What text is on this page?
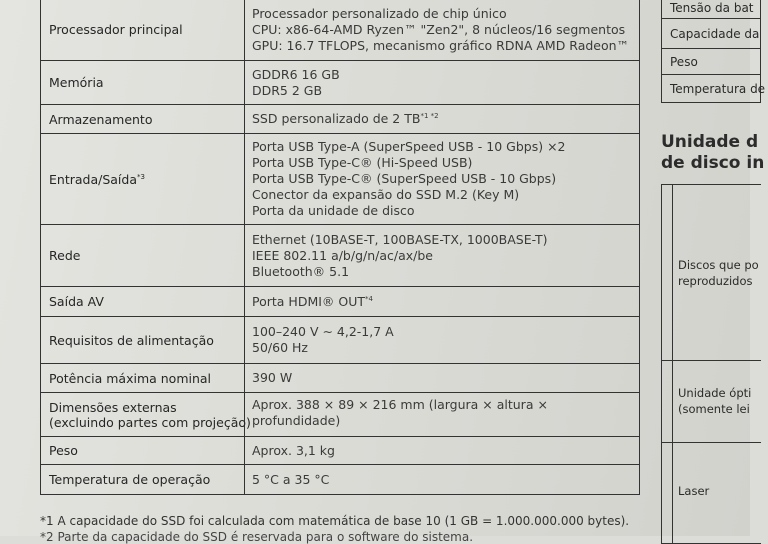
Processador principal	Processador personalizado de chip único
CPU: x86-64-AMD Ryzen™ "Zen2", 8 núcleos/16 segmentos
GPU: 16.7 TFLOPS, mecanismo gráfico RDNA AMD Radeon™

Memória	GDDR6 16 GB
DDR5 2 GB

Armazenamento	SSD personalizado de 2 $TB^{*1 *2}$
Entrada/Saída$^{*3}$	Porta USB Type-A (SuperSpeed USB - 10 Gbps) ×2
Porta USB Type-C® (Hi-Speed USB)
Porta USB Type-C® (SuperSpeed USB - 10 Gbps)
Conector da expansão do SSD M.2 (Key M)
Porta da unidade de disco

Rede	Ethernet (10BASE-T, 100BASE-TX, 1000BASE-T)
IEEE 802.11 a/b/g/n/ac/ax/be
Bluetooth® 5.1

Saída AV	Porta HDMI® OUT$^{*4}$
Requisitos de alimentação	100–240 V ∼ 4,2-1,7 A
50/60 Hz

Potência máxima nominal	390 W

Dimensões externas
(excluindo partes com projeção)	Aprox. 388 × 89 × 216 mm (largura × altura × profundidade)
Peso	Aprox. 3,1 kg
Temperatura de operação	5 °C a 35 °C
Tensão da bat
Capacidade da
Peso
Temperatura de
Unidade d
de disco in
Discos que po
reproduzidos
Unidade ópti
(somente lei
Laser
*1 A capacidade do SSD foi calculada com matemática de base 10 (1 GB = 1.000.000.000 bytes).
*2 Parte da capacidade do SSD é reservada para o software do sistema.
